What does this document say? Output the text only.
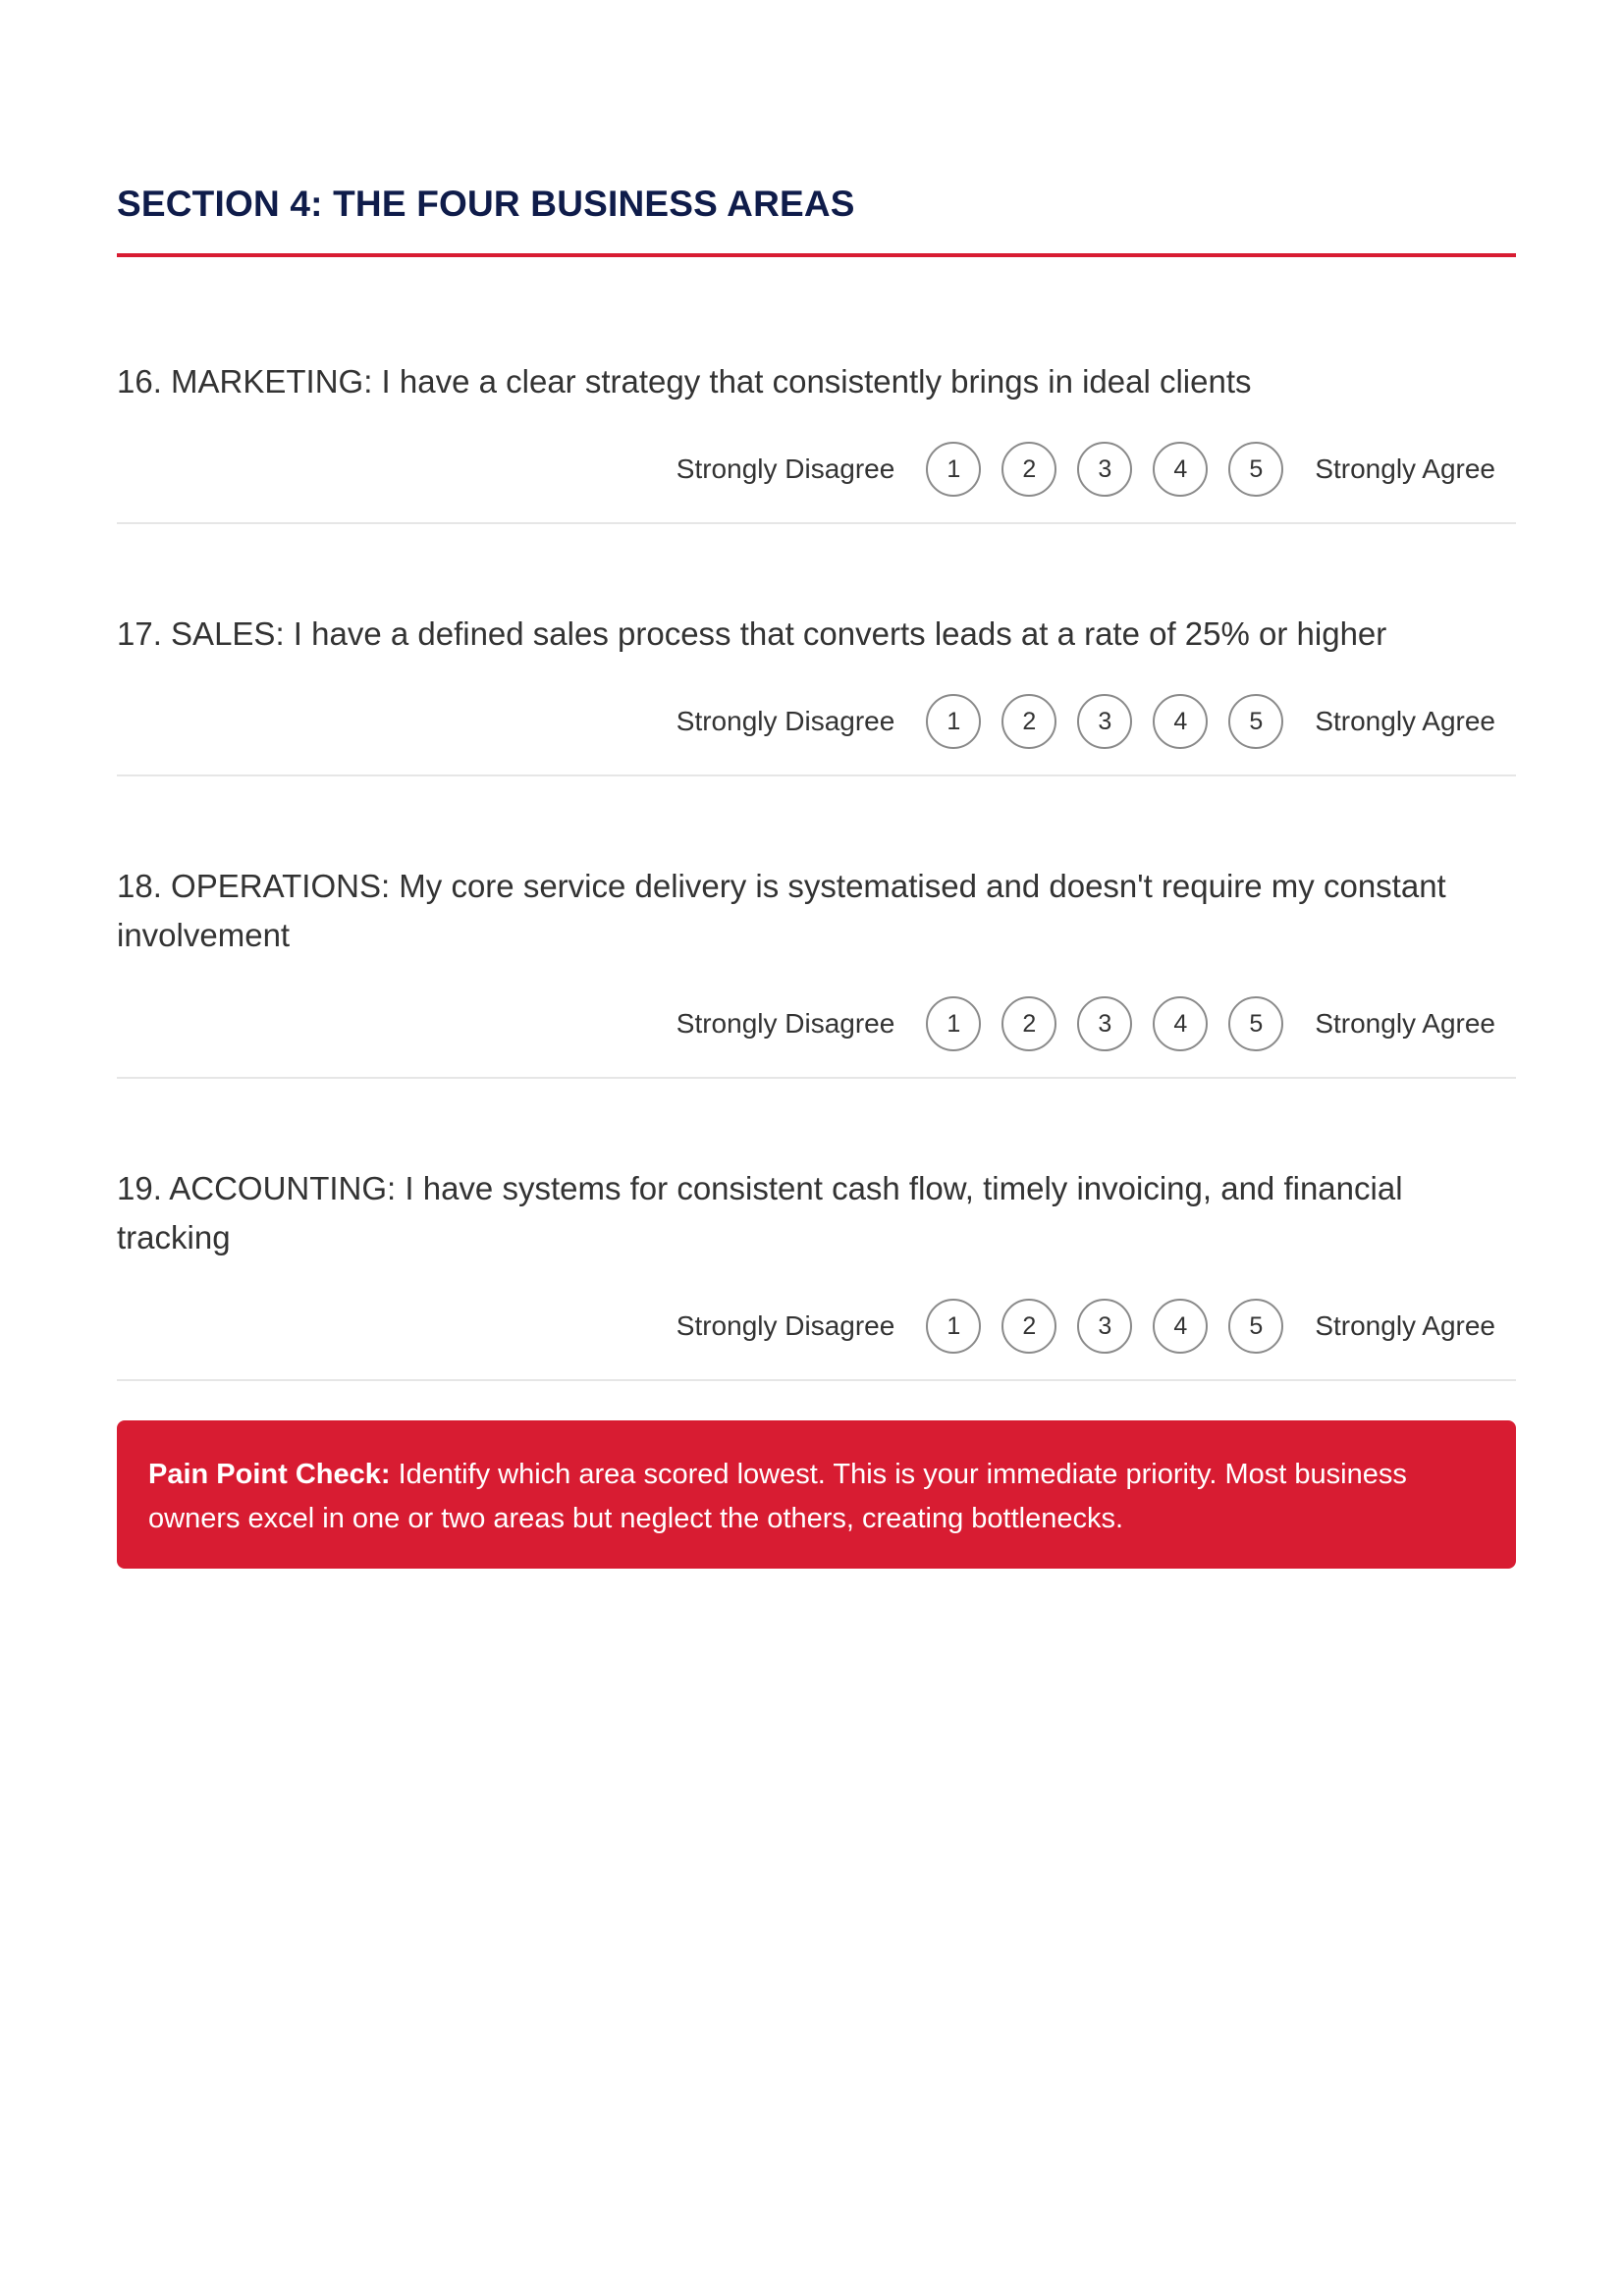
SECTION 4: THE FOUR BUSINESS AREAS

16. MARKETING: I have a clear strategy that consistently brings in ideal clients

Strongly Disagree	1	2	3	4	5	Strongly Agree

17. SALES: I have a defined sales process that converts leads at a rate of 25% or higher

Strongly Disagree	1	2	3	4	5	Strongly Agree

18. OPERATIONS: My core service delivery is systematised and doesn't require my constant involvement

Strongly Disagree	1	2	3	4	5	Strongly Agree

19. ACCOUNTING: I have systems for consistent cash flow, timely invoicing, and financial tracking

Strongly Disagree	1	2	3	4	5	Strongly Agree
Pain Point Check: Identify which area scored lowest. This is your immediate priority. Most business owners excel in one or two areas but neglect the others, creating bottlenecks.
